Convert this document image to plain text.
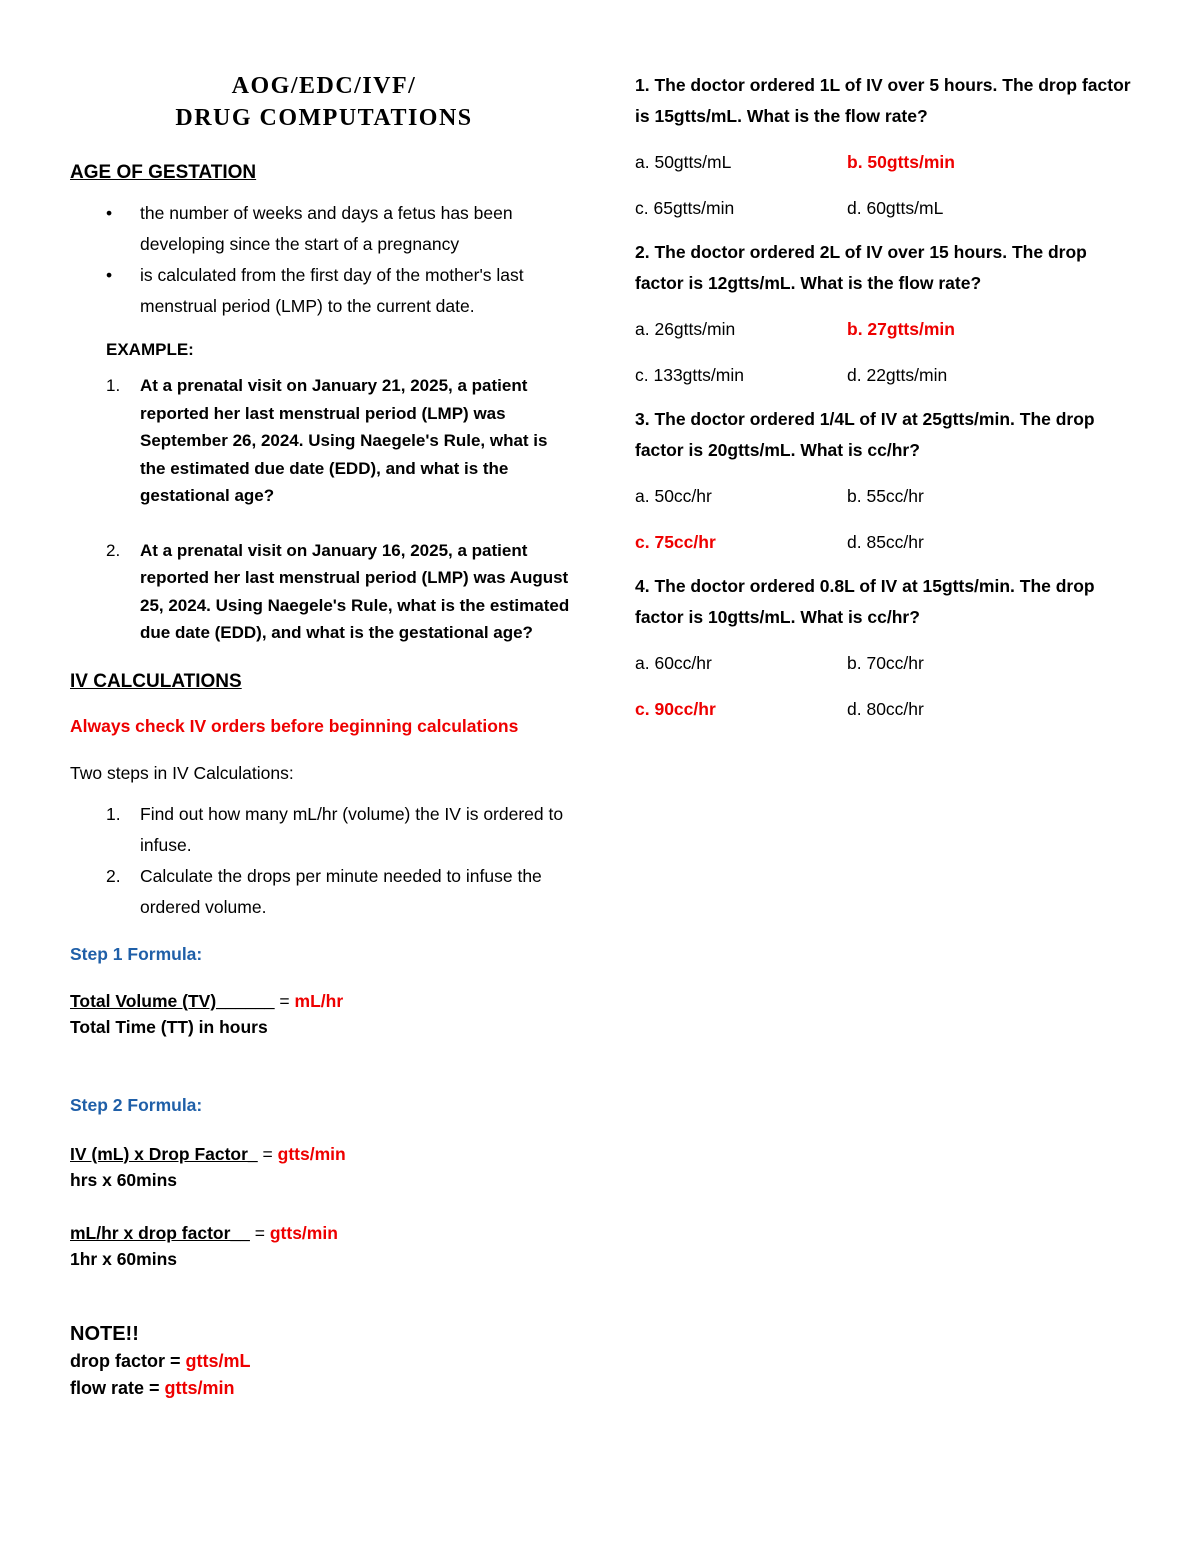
AOG/EDC/IVF/
DRUG COMPUTATIONS
AGE OF GESTATION
• the number of weeks and days a fetus has been developing since the start of a pregnancy
• is calculated from the first day of the mother's last menstrual period (LMP) to the current date.

EXAMPLE:

1. At a prenatal visit on January 21, 2025, a patient reported her last menstrual period (LMP) was September 26, 2024. Using Naegele's Rule, what is the estimated due date (EDD), and what is the gestational age?
2. At a prenatal visit on January 16, 2025, a patient reported her last menstrual period (LMP) was August 25, 2024. Using Naegele's Rule, what is the estimated due date (EDD), and what is the gestational age?
IV CALCULATIONS

Always check IV orders before beginning calculations

Two steps in IV Calculations:

1. Find out how many mL/hr (volume) the IV is ordered to infuse.
2. Calculate the drops per minute needed to infuse the ordered volume.

Step 1 Formula:

Total Volume (TV)______ = mL/hr
Total Time (TT) in hours

Step 2 Formula:

IV (mL) x Drop Factor_ = gtts/min
hrs x 60mins
mL/hr x drop factor__ = gtts/min
1hr x 60mins
NOTE!!
drop factor = gtts/mL
flow rate = gtts/min

1. The doctor ordered 1L of IV over 5 hours. The drop factor is 15gtts/mL. What is the flow rate?

a. 50gtts/mL	b. 50gtts/min
c. 65gtts/min	d. 60gtts/mL

2. The doctor ordered 2L of IV over 15 hours. The drop factor is 12gtts/mL. What is the flow rate?

a. 26gtts/min	b. 27gtts/min
c. 133gtts/min	d. 22gtts/min

3. The doctor ordered 1/4L of IV at 25gtts/min. The drop factor is 20gtts/mL. What is cc/hr?

a. 50cc/hr	b. 55cc/hr
c. 75cc/hr	d. 85cc/hr

4. The doctor ordered 0.8L of IV at 15gtts/min. The drop factor is 10gtts/mL. What is cc/hr?

a. 60cc/hr	b. 70cc/hr
c. 90cc/hr	d. 80cc/hr
